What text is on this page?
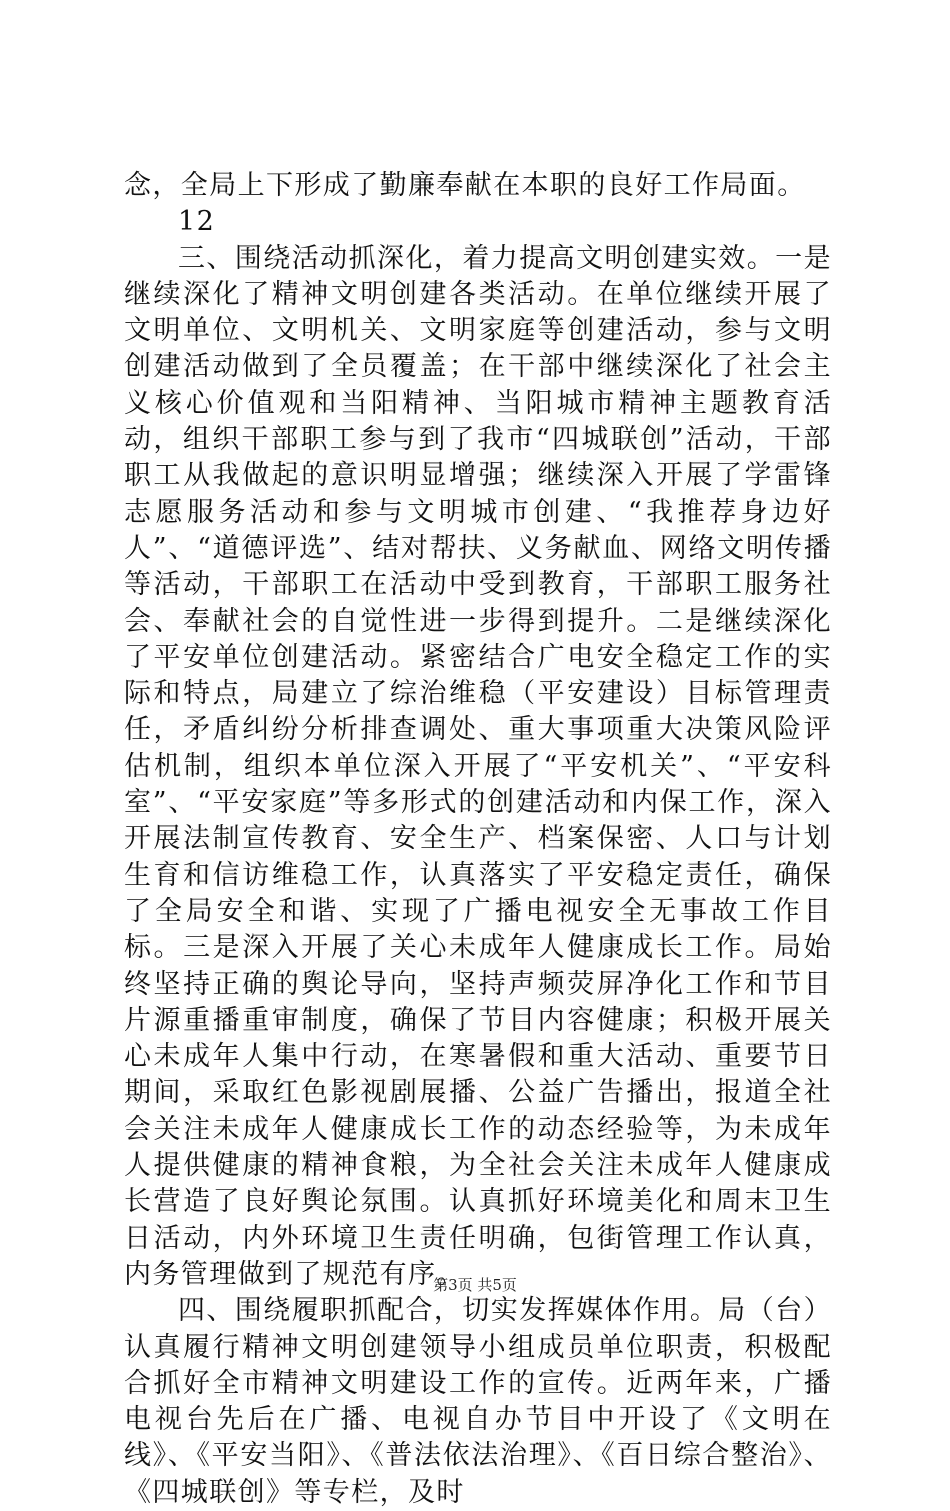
念，全局上下形成了勤廉奉献在本职的良好工作局面。

12

三、围绕活动抓深化，着力提高文明创建实效。一是继续深化了精神文明创建各类活动。在单位继续开展了文明单位、文明机关、文明家庭等创建活动，参与文明创建活动做到了全员覆盖；在干部中继续深化了社会主义核心价值观和当阳精神、当阳城市精神主题教育活动，组织干部职工参与到了我市“四城联创”活动，干部职工从我做起的意识明显增强；继续深入开展了学雷锋志愿服务活动和参与文明城市创建、“我推荐身边好人”、“道德评选”、结对帮扶、义务献血、网络文明传播等活动，干部职工在活动中受到教育，干部职工服务社会、奉献社会的自觉性进一步得到提升。二是继续深化了平安单位创建活动。紧密结合广电安全稳定工作的实际和特点，局建立了综治维稳（平安建设）目标管理责任，矛盾纠纷分析排查调处、重大事项重大决策风险评估机制，组织本单位深入开展了“平安机关”、“平安科室”、“平安家庭”等多形式的创建活动和内保工作，深入开展法制宣传教育、安全生产、档案保密、人口与计划生育和信访维稳工作，认真落实了平安稳定责任，确保了全局安全和谐、实现了广播电视安全无事故工作目标。三是深入开展了关心未成年人健康成长工作。局始终坚持正确的舆论导向，坚持声频荧屏净化工作和节目片源重播重审制度，确保了节目内容健康；积极开展关心未成年人集中行动，在寒暑假和重大活动、重要节日期间，采取红色影视剧展播、公益广告播出，报道全社会关注未成年人健康成长工作的动态经验等，为未成年人提供健康的精神食粮，为全社会关注未成年人健康成长营造了良好舆论氛围。认真抓好环境美化和周末卫生日活动，内外环境卫生责任明确，包街管理工作认真，内务管理做到了规范有序。

四、围绕履职抓配合，切实发挥媒体作用。局（台）认真履行精神文明创建领导小组成员单位职责，积极配合抓好全市精神文明建设工作的宣传。近两年来，广播电视台先后在广播、电视自办节目中开设了《文明在线》、《平安当阳》、《普法依法治理》、《百日综合整治》、《四城联创》等专栏，及时

第3页 共5页
